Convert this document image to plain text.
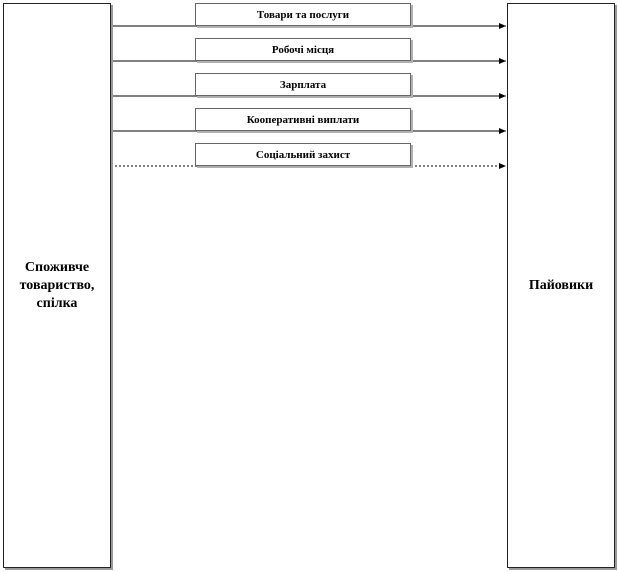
Споживче товариство, спілка
Пайовики
Товари та послуги
Робочі місця
Зарплата
Кооперативні виплати
Соціальний захист
